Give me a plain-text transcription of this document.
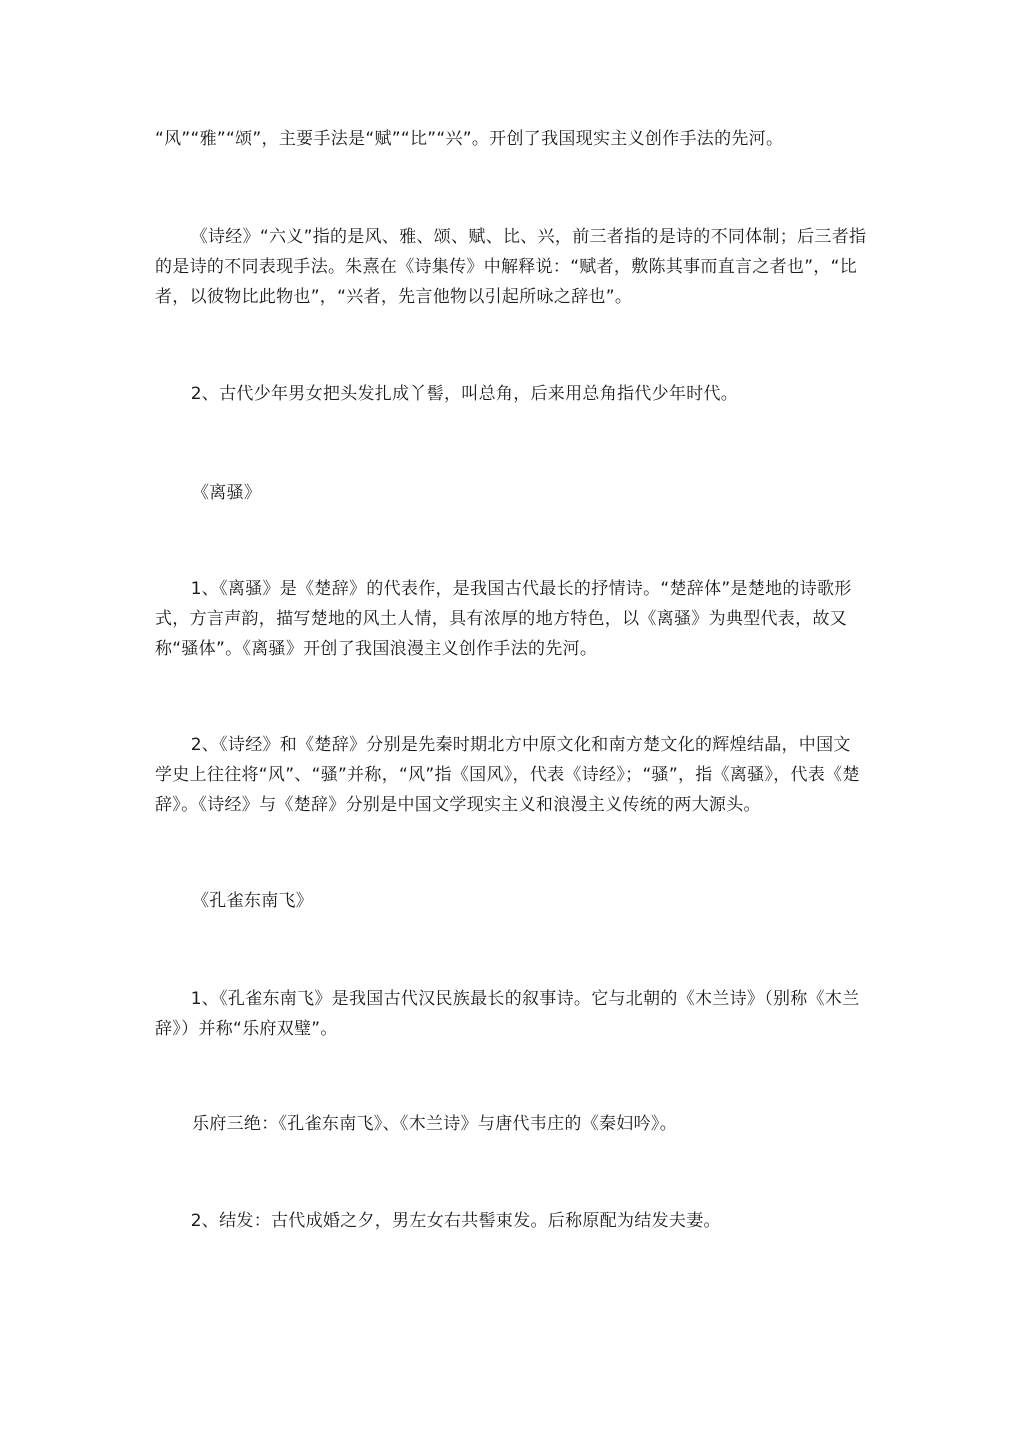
“风”“雅”“颂”，主要手法是“赋”“比”“兴”。开创了我国现实主义创作手法的先河。

《诗经》“六义”指的是风、雅、颂、赋、比、兴，前三者指的是诗的不同体制；后三者指的是诗的不同表现手法。朱熹在《诗集传》中解释说：“赋者，敷陈其事而直言之者也”，“比者，以彼物比此物也”，“兴者，先言他物以引起所咏之辞也”。

2、古代少年男女把头发扎成丫髻，叫总角，后来用总角指代少年时代。

《离骚》

1、《离骚》是《楚辞》的代表作，是我国古代最长的抒情诗。“楚辞体”是楚地的诗歌形式，方言声韵，描写楚地的风土人情，具有浓厚的地方特色，以《离骚》为典型代表，故又称“骚体”。《离骚》开创了我国浪漫主义创作手法的先河。

2、《诗经》和《楚辞》分别是先秦时期北方中原文化和南方楚文化的辉煌结晶，中国文学史上往往将“风”、“骚”并称，“风”指《国风》，代表《诗经》；“骚”，指《离骚》，代表《楚辞》。《诗经》与《楚辞》分别是中国文学现实主义和浪漫主义传统的两大源头。

《孔雀东南飞》

1、《孔雀东南飞》是我国古代汉民族最长的叙事诗。它与北朝的《木兰诗》（别称《木兰辞》）并称“乐府双璧”。

乐府三绝：《孔雀东南飞》、《木兰诗》与唐代韦庄的《秦妇吟》。

2、结发：古代成婚之夕，男左女右共髻束发。后称原配为结发夫妻。
